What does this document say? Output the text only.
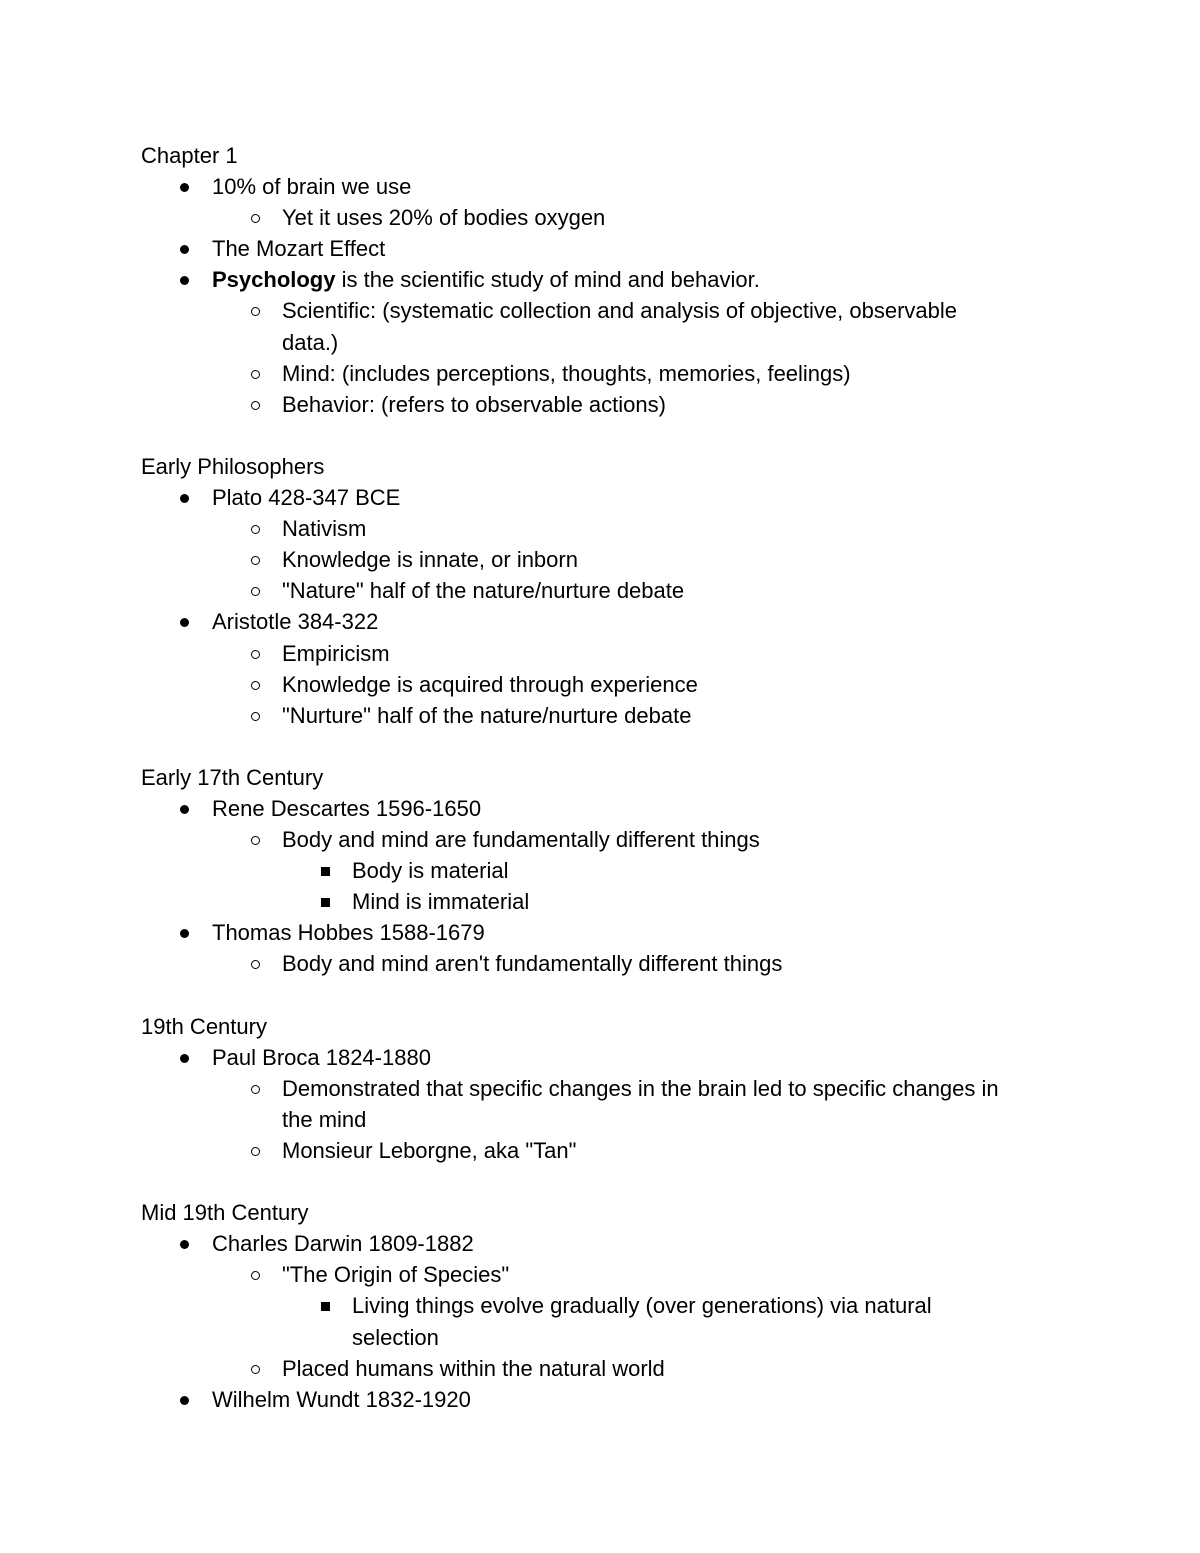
Chapter 1
10% of brain we use
Yet it uses 20% of bodies oxygen
The Mozart Effect
Psychology is the scientific study of mind and behavior.
Scientific: (systematic collection and analysis of objective, observable
data.)
Mind: (includes perceptions, thoughts, memories, feelings)
Behavior: (refers to observable actions)
Early Philosophers
Plato 428-347 BCE
Nativism
Knowledge is innate, or inborn
"Nature" half of the nature/nurture debate
Aristotle 384-322
Empiricism
Knowledge is acquired through experience
"Nurture" half of the nature/nurture debate
Early 17th Century
Rene Descartes 1596-1650
Body and mind are fundamentally different things
Body is material
Mind is immaterial
Thomas Hobbes 1588-1679
Body and mind aren't fundamentally different things
19th Century
Paul Broca 1824-1880
Demonstrated that specific changes in the brain led to specific changes in
the mind
Monsieur Leborgne, aka "Tan"
Mid 19th Century
Charles Darwin 1809-1882
"The Origin of Species"
Living things evolve gradually (over generations) via natural
selection
Placed humans within the natural world
Wilhelm Wundt 1832-1920
